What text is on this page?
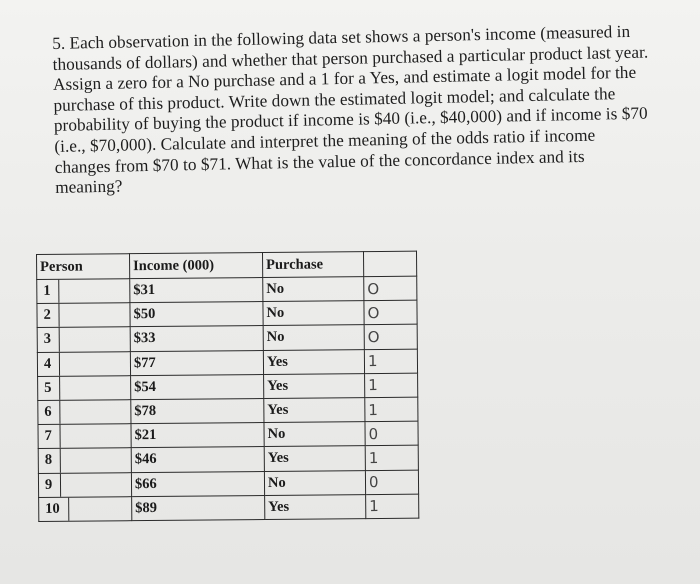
5. Each observation in the following data set shows a person's income (measured in
thousands of dollars) and whether that person purchased a particular product last year.
Assign a zero for a No purchase and a 1 for a Yes, and estimate a logit model for the
purchase of this product. Write down the estimated logit model; and calculate the
probability of buying the product if income is $40 (i.e., $40,000) and if income is $70
(i.e., $70,000). Calculate and interpret the meaning of the odds ratio if income
changes from $70 to $71. What is the value of the concordance index and its
meaning?
Person	Income (000)	Purchase	
1	$31	No	O
2	$50	No	O
3	$33	No	O
4	$77	Yes	1
5	$54	Yes	1
6	$78	Yes	1
7	$21	No	0
8	$46	Yes	1
9	$66	No	0
10	$89	Yes	1
